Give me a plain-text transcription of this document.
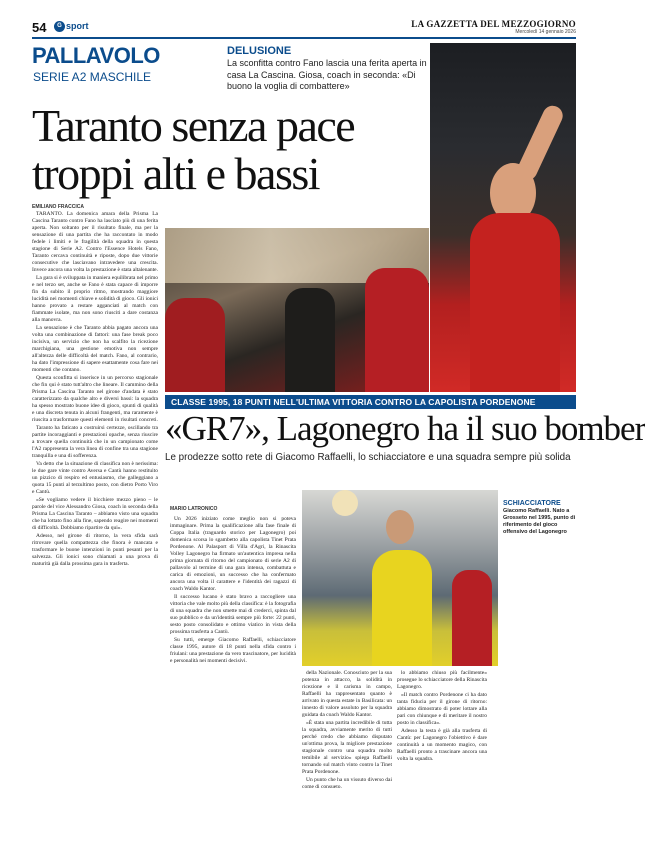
54	G sport	LA GAZZETTA DEL MEZZOGIORNO
Mercoledì 14 gennaio 2026
PALLAVOLO
SERIE A2 MASCHILE
DELUSIONE
La sconfitta contro Fano lascia una ferita aperta in casa La Cascina. Giosa, coach in seconda: «Di buono la voglia di combattere»
Taranto senza pace
troppi alti e bassi
EMILIANO FRACCICA

TARANTO. La domenica amara della Prisma La Cascina Taranto contro Fano ha lasciato più di una ferita aperta. Non soltanto per il risultato finale, ma per la sensazione di una partita che ha raccontato in modo fedele i limiti e le fragilità della squadra in questa stagione di Serie A2. Contro l'Essence Hotels Fano, Taranto cercava continuità e riposte, dopo due vittorie consecutive che lasciavano intravedere una crescita. Invece ancora una volta la prestazione è stata altalenante.

La gara si è sviluppata in maniera equilibrata nel primo e nel terzo set, anche se Fano è stata capace di imporre fin da subito il proprio ritmo, mostrando maggiore lucidità nei momenti chiave e solidità di gioco. Gli ionici hanno provato a restare agganciati al match con fiammate isolate, ma non sono riusciti a dare costanza alla manovra.

La sensazione è che Taranto abbia pagato ancora una volta una combinazione di fattori: una fase break poco incisiva, un servizio che non ha scalfito la ricezione marchigiana, una gestione emotiva non sempre all'altezza delle difficoltà del match. Fano, al contrario, ha dato l'impressione di sapere esattamente cosa fare nei momenti che contano.

Questa sconfitta si inserisce in un percorso stagionale che fin qui è stato tutt'altro che lineare. Il cammino della Prisma La Cascina Taranto nel girone d'andata è stato caratterizzato da qualche alto e diversi bassi: la squadra ha spesso mostrato buone idee di gioco, spunti di qualità e una discreta tenuta in alcuni frangenti, ma raramente è riuscita a trasformare questi elementi in risultati concreti.

Taranto ha faticato a costruirsi certezze, oscillando tra partite incoraggianti e prestazioni opache, senza riuscire a trovare quella continuità che in un campionato come l'A2 rappresenta la vera linea di confine tra una stagione tranquilla e una di sofferenza.

Va detto che la situazione di classifica non è nerissima: le due gare vinte contro Aversa e Cantù hanno restituito un pizzico di respiro ed entusiasmo, che galleggiano a quota 15 punti al terzultimo posto, con dietro Porto Viro e Cantù.

«Se vogliamo vedere il bicchiere mezzo pieno – le parole del vice Alessandro Giosa, coach in seconda della Prisma La Cascina Taranto – abbiamo visto una squadra che ha lottato fino alla fine, sapendo reagire nei momenti di difficoltà. Dobbiamo ripartire da qui».

Adesso, nel girone di ritorno, la vera sfida sarà ritrovare quella compattezza che finora è mancata e trasformare le buone intenzioni in punti pesanti per la salvezza. Gli ionici sono chiamati a una prova di maturità già dalla prossima gara in trasferta.

CLASSE 1995, 18 PUNTI NELL'ULTIMA VITTORIA CONTRO LA CAPOLISTA PORDENONE
«GR7», Lagonegro ha il suo bomber
Le prodezze sotto rete di Giacomo Raffaelli, lo schiacciatore e una squadra sempre più solida
MARIO LATRONICO

Un 2026 iniziato come meglio non si poteva immaginare. Prima la qualificazione alla fase finale di Coppa Italia (traguardo storico per Lagonegro) poi domenica scorsa lo sgambetto alla capolista Tinet Prata Pordenone. Al Palasport di Villa d'Agri, la Rinascita Volley Lagonegro ha firmato un'autentica impresa nella prima giornata di ritorno del campionato di serie A2 di pallavolo al termine di una gara intensa, combattuta e carica di emozioni, un successo che ha confermato ancora una volta il carattere e l'identità dei ragazzi di coach Waldo Kantor.

Il successo lucano è stato bravo a raccogliere una vittoria che vale molto più della classifica: è la fotografia di una squadra che non smette mai di crederci, spinta dal suo pubblico e da un'identità sempre più forte: 22 punti, sesto posto consolidato e ottimo viatico in vista della prossima trasferta a Cantù.

Su tutti, emerge Giacomo Raffaelli, schiacciatore classe 1995, autore di 18 punti nella sfida contro i friulani: una prestazione da vero trascinatore, per lucidità e personalità nei momenti decisivi.

SCHIACCIATORE
Giacomo Raffaelli. Nato a Grosseto nel 1995, punto di riferimento del gioco offensivo del Lagonegro

della Nazionale. Conosciuto per la sua potenza in attacco, la solidità in ricezione e il carisma in campo, Raffaelli ha rappresentato quanto è arrivato in questa estate in Basilicata: un innesto di valore assoluto per la squadra guidata da coach Waldo Kantor.

«È stata una partita incredibile di tutta la squadra, avviamente merito di tutti perché credo che abbiamo disputato un'ottima prova, la migliore prestazione stagionale contro una squadra molto temibile al servizio» spiega Raffaelli tornando sul match vinto contro la Tinet Prata Pordenone.

Un punto che ha un vissuto diverso dai come di consueto.

lo abbiamo chiuso più facilmente» prosegue lo schiacciatore della Rinascita Lagonegro.

«Il match contro Pordenone ci ha dato tanta fiducia per il girone di ritorno: abbiamo dimostrato di poter lottare alla pari con chiunque e di meritare il nostro posto in classifica».

Adesso la testa è già alla trasferta di Cantù: per Lagonegro l'obiettivo è dare continuità a un momento magico, con Raffaelli pronto a trascinare ancora una volta la squadra.
